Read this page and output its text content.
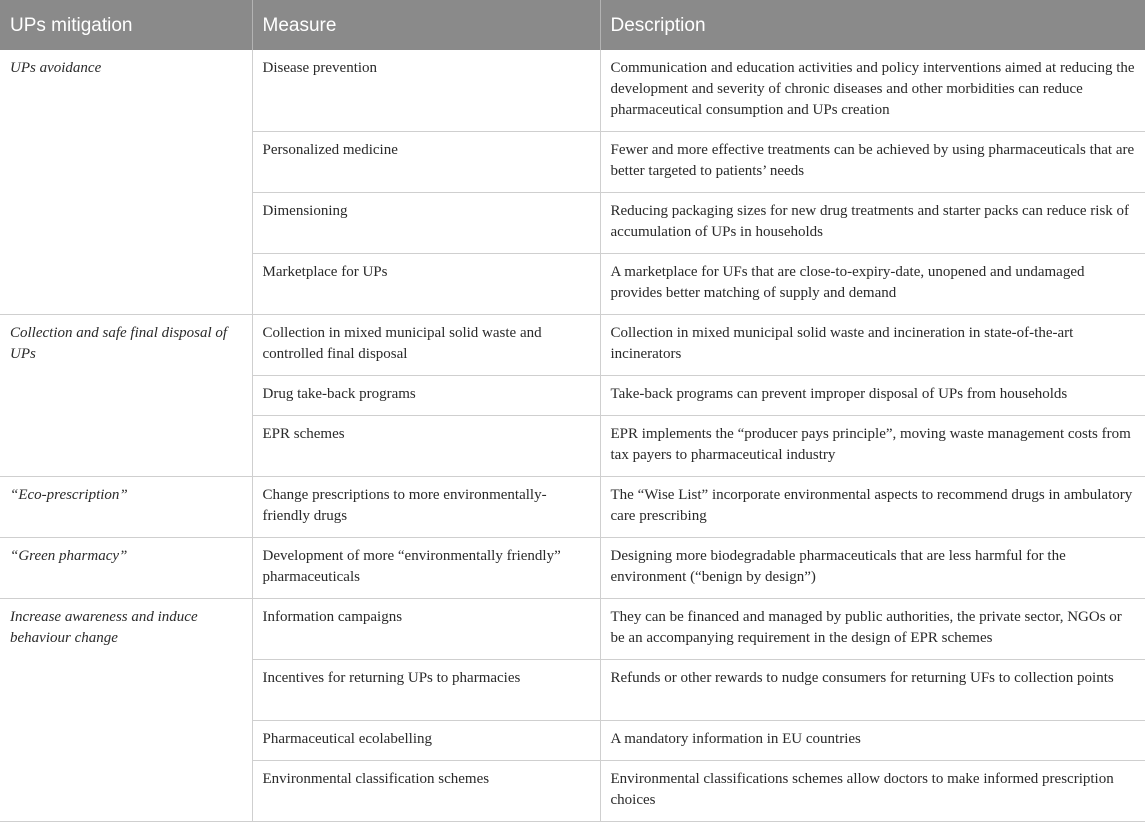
UPs mitigation	Measure	Description
UPs avoidance	Disease prevention	Communication and education activities and policy interventions aimed at reducing the development and severity of chronic diseases and other morbidities can reduce pharmaceutical consumption and UPs creation
	Personalized medicine	Fewer and more effective treatments can be achieved by using pharmaceuticals that are better targeted to patients’ needs
	Dimensioning	Reducing packaging sizes for new drug treatments and starter packs can reduce risk of accumulation of UPs in households
	Marketplace for UPs	A marketplace for UFs that are close-to-expiry-date, unopened and undamaged provides better matching of supply and demand
Collection and safe final disposal of UPs	Collection in mixed municipal solid waste and controlled final disposal	Collection in mixed municipal solid waste and incineration in state-of-the-art incinerators
	Drug take-back programs	Take-back programs can prevent improper disposal of UPs from households
	EPR schemes	EPR implements the “producer pays principle”, moving waste management costs from tax payers to pharmaceutical industry
“Eco-prescription”	Change prescriptions to more environmentally-friendly drugs	The “Wise List” incorporate environmental aspects to recommend drugs in ambulatory care prescribing
“Green pharmacy”	Development of more “environmentally friendly” pharmaceuticals	Designing more biodegradable pharmaceuticals that are less harmful for the environment (“benign by design”)
Increase awareness and induce behaviour change	Information campaigns	They can be financed and managed by public authorities, the private sector, NGOs or be an accompanying requirement in the design of EPR schemes
	Incentives for returning UPs to pharmacies	Refunds or other rewards to nudge consumers for returning UFs to collection points
	Pharmaceutical ecolabelling	A mandatory information in EU countries
	Environmental classification schemes	Environmental classifications schemes allow doctors to make informed prescription choices
